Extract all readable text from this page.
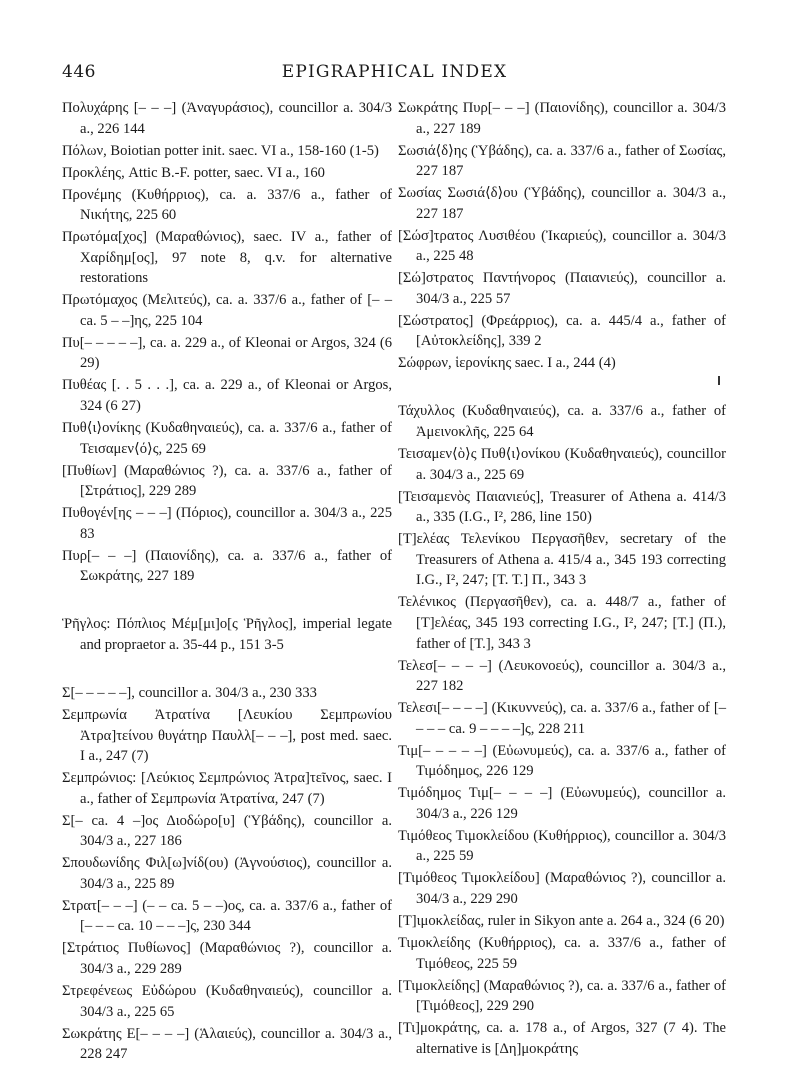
446	EPIGRAPHICAL INDEX

Πολυχάρης [– – –] (Ἀναγυράσιος), councillor a. 304/3 a., 226 144

Πόλων, Boiotian potter init. saec. VI a., 158-160 (1-5)

Προκλέης, Attic B.-F. potter, saec. VI a., 160

Προνέμης (Κυθήρριος), ca. a. 337/6 a., father of Νικήτης, 225 60

Πρωτόμα[χος] (Μαραθώνιος), saec. IV a., father of Χαρίδημ[ος], 97 note 8, q.v. for alternative restorations

Πρωτόμαχος (Μελιτεύς), ca. a. 337/6 a., father of [– – ca. 5 – –]ης, 225 104

Πυ[– – – – –], ca. a. 229 a., of Kleonai or Argos, 324 (6 29)

Πυθέας [. . 5 . . .], ca. a. 229 a., of Kleonai or Argos, 324 (6 27)

Πυθ⟨ι⟩ονίκης (Κυδαθηναιεύς), ca. a. 337/6 a., father of Τεισαμεν⟨ό⟩ς, 225 69

[Πυθίων] (Μαραθώνιος ?), ca. a. 337/6 a., father of [Στράτιος], 229 289

Πυθογέν[ης – – –] (Πόριος), councillor a. 304/3 a., 225 83

Πυρ[– – –] (Παιονίδης), ca. a. 337/6 a., father of Σωκράτης, 227 189

Ῥῆγλος: Πόπλιος Μέμ[μι]ο[ς Ῥῆγλος], imperial legate and propraetor a. 35-44 p., 151 3-5

Σ[– – – – –], councillor a. 304/3 a., 230 333

Σεμπρωνία Ἀτρατίνα [Λευκίου Σεμπρωνίου Ἀτρα]τείνου θυγάτηρ Παυλλ[– – –], post med. saec. I a., 247 (7)

Σεμπρώνιος: [Λεύκιος Σεμπρώνιος Ἀτρα]τεῖνος, saec. I a., father of Σεμπρωνία Ἀτρατίνα, 247 (7)

Σ[– ca. 4 –]ος Διοδώρο[υ] (Ὑβάδης), councillor a. 304/3 a., 227 186

Σπουδωνίδης Φιλ[ω]νίδ(ου) (Ἀγνούσιος), councillor a. 304/3 a., 225 89

Στρατ[– – –] (– – ca. 5 – –)ος, ca. a. 337/6 a., father of [– – – ca. 10 – – –]ς, 230 344

[Στράτιος Πυθίωνος] (Μαραθώνιος ?), councillor a. 304/3 a., 229 289

Στρεφένεως Εὐδώρου (Κυδαθηναιεύς), councillor a. 304/3 a., 225 65

Σωκράτης Ε[– – – –] (Ἁλαιεύς), councillor a. 304/3 a., 228 247

Σωκράτης Πυρ[– – –] (Παιονίδης), councillor a. 304/3 a., 227 189

Σωσιά⟨δ⟩ης (Ὑβάδης), ca. a. 337/6 a., father of Σωσίας, 227 187

Σωσίας Σωσιά⟨δ⟩ου (Ὑβάδης), councillor a. 304/3 a., 227 187

[Σώσ]τρατος Λυσιθέου (Ἰκαριεύς), councillor a. 304/3 a., 225 48

[Σώ]στρατος Παντήνορος (Παιανιεύς), councillor a. 304/3 a., 225 57

[Σώστρατος] (Φρεάρριος), ca. a. 445/4 a., father of [Αὐτοκλείδης], 339 2

Σώφρων, ἱερονίκης saec. I a., 244 (4)

Τάχυλλος (Κυδαθηναιεύς), ca. a. 337/6 a., father of Ἀμεινοκλῆς, 225 64

Τεισαμεν⟨ὸ⟩ς Πυθ⟨ι⟩ονίκου (Κυδαθηναιεύς), councillor a. 304/3 a., 225 69

[Τεισαμενὸς Παιανιεύς], Treasurer of Athena a. 414/3 a., 335 (I.G., I², 286, line 150)

[Τ]ελέας Τελενίκου Περγασῆθεν, secretary of the Treasurers of Athena a. 415/4 a., 345 193 correcting I.G., I², 247; [Τ. Τ.] Π., 343 3

Τελένικος (Περγασῆθεν), ca. a. 448/7 a., father of [Τ]ελέας, 345 193 correcting I.G., I², 247; [Τ.] (Π.), father of [Τ.], 343 3

Τελεσ[– – – –] (Λευκονοεύς), councillor a. 304/3 a., 227 182

Τελεσι[– – – –] (Κικυννεύς), ca. a. 337/6 a., father of [– – – – ca. 9 – – – –]ς, 228 211

Τιμ[– – – – –] (Εὐωνυμεύς), ca. a. 337/6 a., father of Τιμόδημος, 226 129

Τιμόδημος Τιμ[– – – –] (Εὐωνυμεύς), councillor a. 304/3 a., 226 129

Τιμόθεος Τιμοκλείδου (Κυθήρριος), councillor a. 304/3 a., 225 59

[Τιμόθεος Τιμοκλείδου] (Μαραθώνιος ?), councillor a. 304/3 a., 229 290

[Τ]ιμοκλείδας, ruler in Sikyon ante a. 264 a., 324 (6 20)

Τιμοκλείδης (Κυθήρριος), ca. a. 337/6 a., father of Τιμόθεος, 225 59

[Τιμοκλείδης] (Μαραθώνιος ?), ca. a. 337/6 a., father of [Τιμόθεος], 229 290

[Τι]μοκράτης, ca. a. 178 a., of Argos, 327 (7 4). The alternative is [Δη]μοκράτης
